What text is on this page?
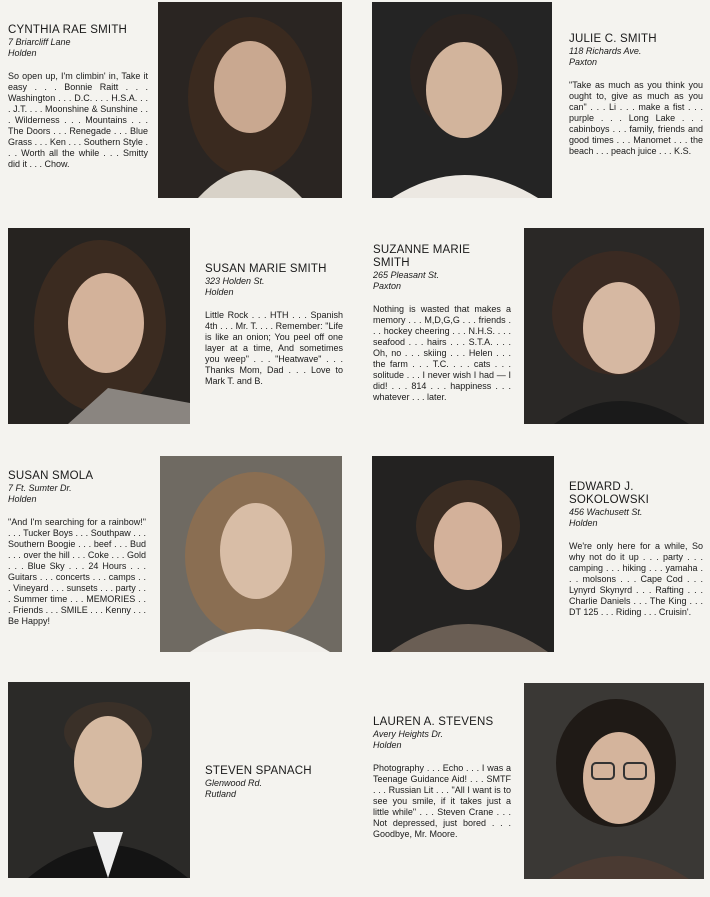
CYNTHIA RAE SMITH

7 Briarcliff Lane

Holden

So open up, I'm climbin' in, Take it easy . . . Bonnie Raitt . . . Washington . . . D.C. . . . H.S.A. . . . J.T. . . . Moonshine & Sunshine . . . Wilderness . . . Mountains . . . The Doors . . . Renegade . . . Blue Grass . . . Ken . . . Southern Style . . . Worth all the while . . . Smitty did it . . . Chow.

JULIE C. SMITH

118 Richards Ave.

Paxton

"Take as much as you think you ought to, give as much as you can" . . . Li . . . make a fist . . . purple . . . Long Lake . . . cabinboys . . . family, friends and good times . . . Manomet . . . the beach . . . peach juice . . . K.S.

SUSAN MARIE SMITH

323 Holden St.

Holden

Little Rock . . . HTH . . . Spanish 4th . . . Mr. T. . . . Remember: "Life is like an onion; You peel off one layer at a time, And sometimes you weep" . . . "Heatwave" . . . Thanks Mom, Dad . . . Love to Mark T. and B.

SUZANNE MARIE SMITH

265 Pleasant St.

Paxton

Nothing is wasted that makes a memory . . . M,D,G,G . . . friends . . . hockey cheering . . . N.H.S. . . . seafood . . . hairs . . . S.T.A. . . . Oh, no . . . skiing . . . Helen . . . the farm . . . T.C. . . . cats . . . solitude . . . I never wish I had — I did! . . . 814 . . . happiness . . . whatever . . . later.

SUSAN SMOLA

7 Ft. Sumter Dr.

Holden

"And I'm searching for a rainbow!" . . . Tucker Boys . . . Southpaw . . . Southern Boogie . . . beef . . . Bud . . . over the hill . . . Coke . . . Gold . . . Blue Sky . . . 24 Hours . . . Guitars . . . concerts . . . camps . . . Vineyard . . . sunsets . . . party . . . Summer time . . . MEMORIES . . . Friends . . . SMILE . . . Kenny . . . Be Happy!

EDWARD J. SOKOLOWSKI

456 Wachusett St.

Holden

We're only here for a while, So why not do it up . . . party . . . camping . . . hiking . . . yamaha . . . molsons . . . Cape Cod . . . Lynyrd Skynyrd . . . Rafting . . . Charlie Daniels . . . The King . . . DT 125 . . . Riding . . . Cruisin'.

STEVEN SPANACH

Glenwood Rd.

Rutland

LAUREN A. STEVENS

Avery Heights Dr.

Holden

Photography . . . Echo . . . I was a Teenage Guidance Aid! . . . SMTF . . . Russian Lit . . . "All I want is to see you smile, if it takes just a little while" . . . Steven Crane . . . Not depressed, just bored . . . Goodbye, Mr. Moore.
